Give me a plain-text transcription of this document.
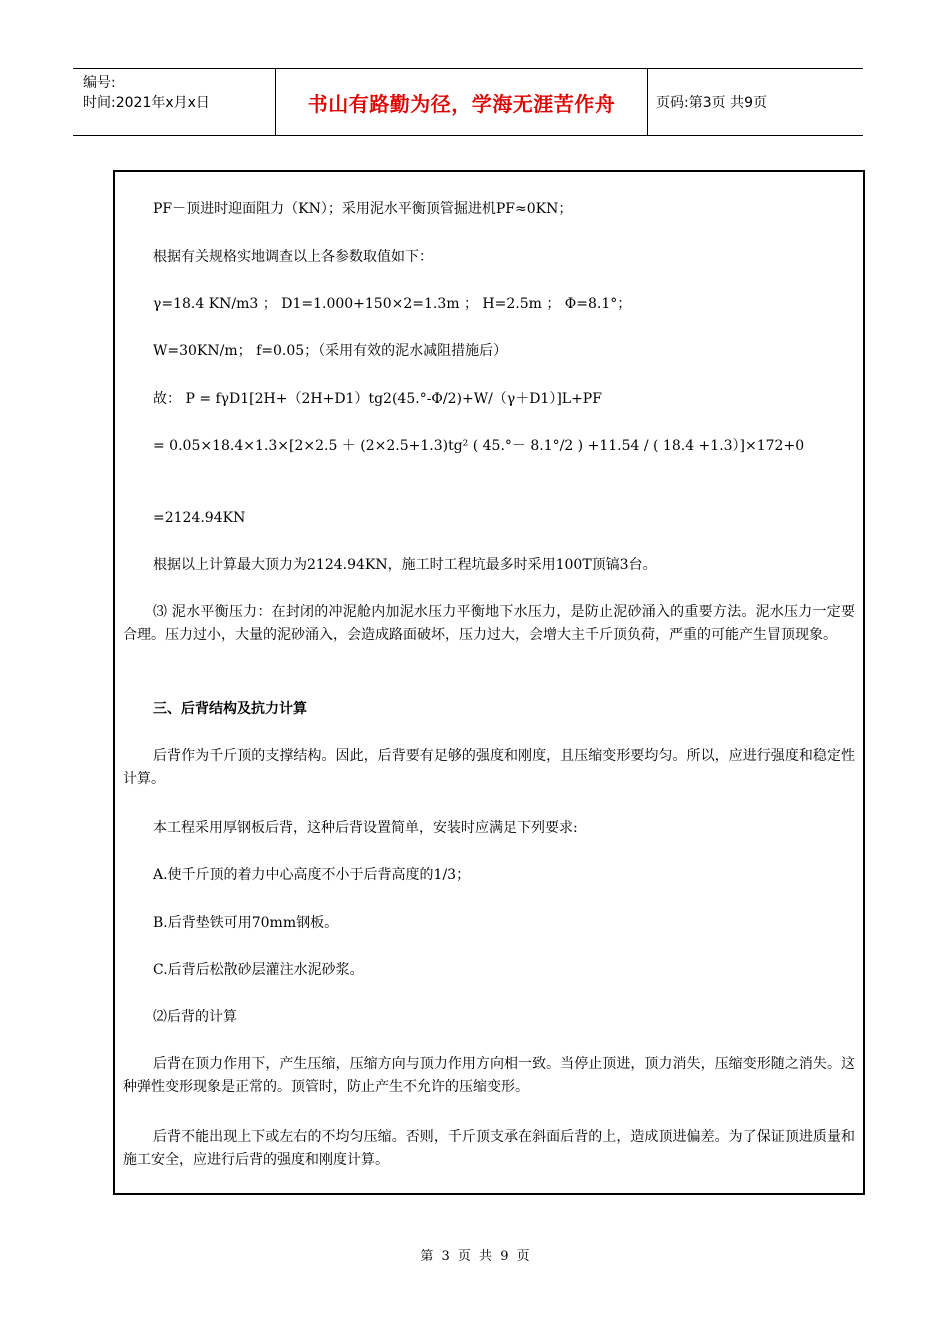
编号:
时间:2021年x月x日	书山有路勤为径，学海无涯苦作舟	页码:第3页 共9页
PF－顶进时迎面阻力（KN）；采用泥水平衡顶管掘进机PF≈0KN；
根据有关规格实地调查以上各参数取值如下：
γ=18.4 KN/m3 ； D1=1.000+150×2=1.3m ； H=2.5m ； Φ=8.1°；
W=30KN/m； f=0.05；（采用有效的泥水减阻措施后）
故： P = fγD1[2H+（2H+D1）tg2(45.°-Φ/2)+W/（γ＋D1）]L+PF
= 0.05×18.4×1.3×[2×2.5 ＋ (2×2.5+1.3)tg² ( 45.°－ 8.1°/2 ) +11.54 / ( 18.4 +1.3）]×172+0
=2124.94KN
根据以上计算最大顶力为2124.94KN，施工时工程坑最多时采用100T顶镐3台。
⑶ 泥水平衡压力：在封闭的冲泥舱内加泥水压力平衡地下水压力，是防止泥砂涌入的重要方法。泥水压力一定要合理。压力过小，大量的泥砂涌入，会造成路面破坏，压力过大，会增大主千斤顶负荷，严重的可能产生冒顶现象。
三、后背结构及抗力计算
后背作为千斤顶的支撑结构。因此，后背要有足够的强度和刚度，且压缩变形要均匀。所以，应进行强度和稳定性计算。
本工程采用厚钢板后背，这种后背设置简单，安装时应满足下列要求:
A.使千斤顶的着力中心高度不小于后背高度的1/3；
B.后背垫铁可用70mm钢板。
C.后背后松散砂层灌注水泥砂浆。
⑵后背的计算
后背在顶力作用下，产生压缩，压缩方向与顶力作用方向相一致。当停止顶进，顶力消失，压缩变形随之消失。这种弹性变形现象是正常的。顶管时，防止产生不允许的压缩变形。
后背不能出现上下或左右的不均匀压缩。否则，千斤顶支承在斜面后背的上，造成顶进偏差。为了保证顶进质量和施工安全，应进行后背的强度和刚度计算。
第 3 页 共 9 页
